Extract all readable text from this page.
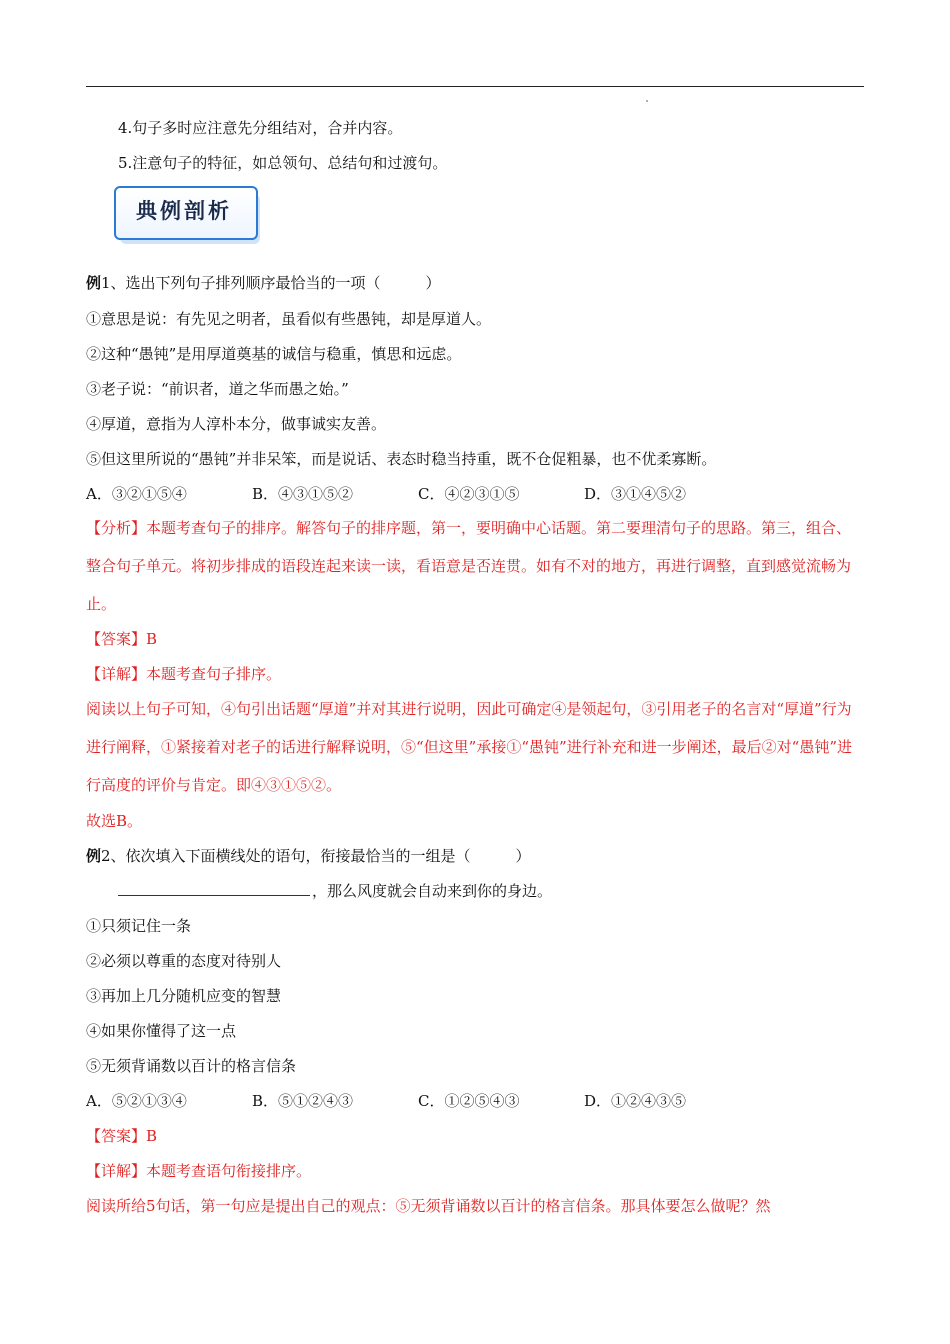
4.句子多时应注意先分组结对，合并内容。
5.注意句子的特征，如总领句、总结句和过渡句。
典例剖析
例1、选出下列句子排列顺序最恰当的一项（　　　）
①意思是说：有先见之明者，虽看似有些愚钝，却是厚道人。
②这种“愚钝”是用厚道奠基的诚信与稳重，慎思和远虑。
③老子说：“前识者，道之华而愚之始。”
④厚道，意指为人淳朴本分，做事诚实友善。
⑤但这里所说的“愚钝”并非呆笨，而是说话、表态时稳当持重，既不仓促粗暴，也不优柔寡断。
A．③②①⑤④	B．④③①⑤②	C．④②③①⑤	D．③①④⑤②
【分析】本题考查句子的排序。解答句子的排序题，第一，要明确中心话题。第二要理清句子的思路。第三，组合、整合句子单元。将初步排成的语段连起来读一读，看语意是否连贯。如有不对的地方，再进行调整，直到感觉流畅为止。
【答案】B
【详解】本题考查句子排序。
阅读以上句子可知，④句引出话题“厚道”并对其进行说明，因此可确定④是领起句，③引用老子的名言对“厚道”行为进行阐释，①紧接着对老子的话进行解释说明，⑤“但这里”承接①“愚钝”进行补充和进一步阐述，最后②对“愚钝”进行高度的评价与肯定。即④③①⑤②。
故选B。
例2、依次填入下面横线处的语句，衔接最恰当的一组是（　　　）
，那么风度就会自动来到你的身边。
①只须记住一条
②必须以尊重的态度对待别人
③再加上几分随机应变的智慧
④如果你懂得了这一点
⑤无须背诵数以百计的格言信条
A．⑤②①③④	B．⑤①②④③	C．①②⑤④③	D．①②④③⑤
【答案】B
【详解】本题考查语句衔接排序。
阅读所给5句话，第一句应是提出自己的观点：⑤无须背诵数以百计的格言信条。那具体要怎么做呢？然
